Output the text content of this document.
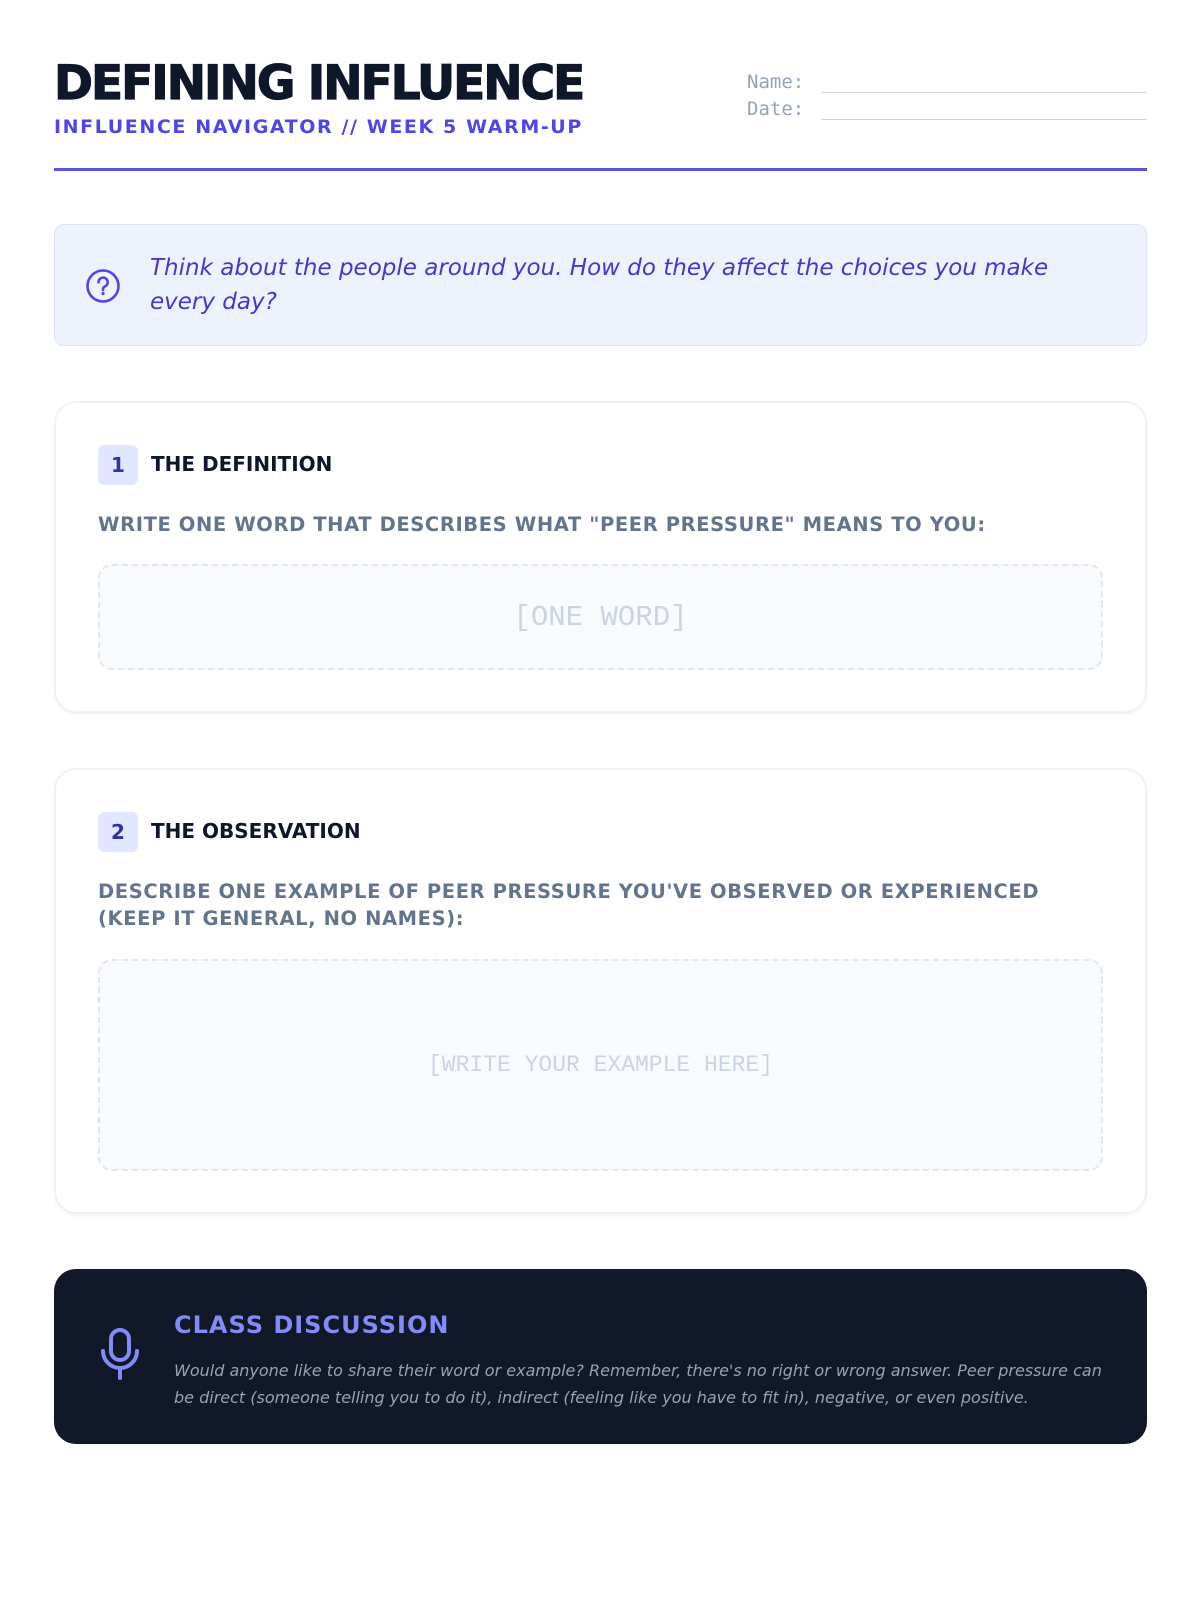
DEFINING INFLUENCE
INFLUENCE NAVIGATOR // WEEK 5 WARM-UP
Name:
Date:
Think about the people around you. How do they affect the choices you make every day?
1	THE DEFINITION
WRITE ONE WORD THAT DESCRIBES WHAT "PEER PRESSURE" MEANS TO YOU:
[ONE WORD]
2	THE OBSERVATION
DESCRIBE ONE EXAMPLE OF PEER PRESSURE YOU'VE OBSERVED OR EXPERIENCED (KEEP IT GENERAL, NO NAMES):
[WRITE YOUR EXAMPLE HERE]
CLASS DISCUSSION
Would anyone like to share their word or example? Remember, there's no right or wrong answer. Peer pressure can be direct (someone telling you to do it), indirect (feeling like you have to fit in), negative, or even positive.
